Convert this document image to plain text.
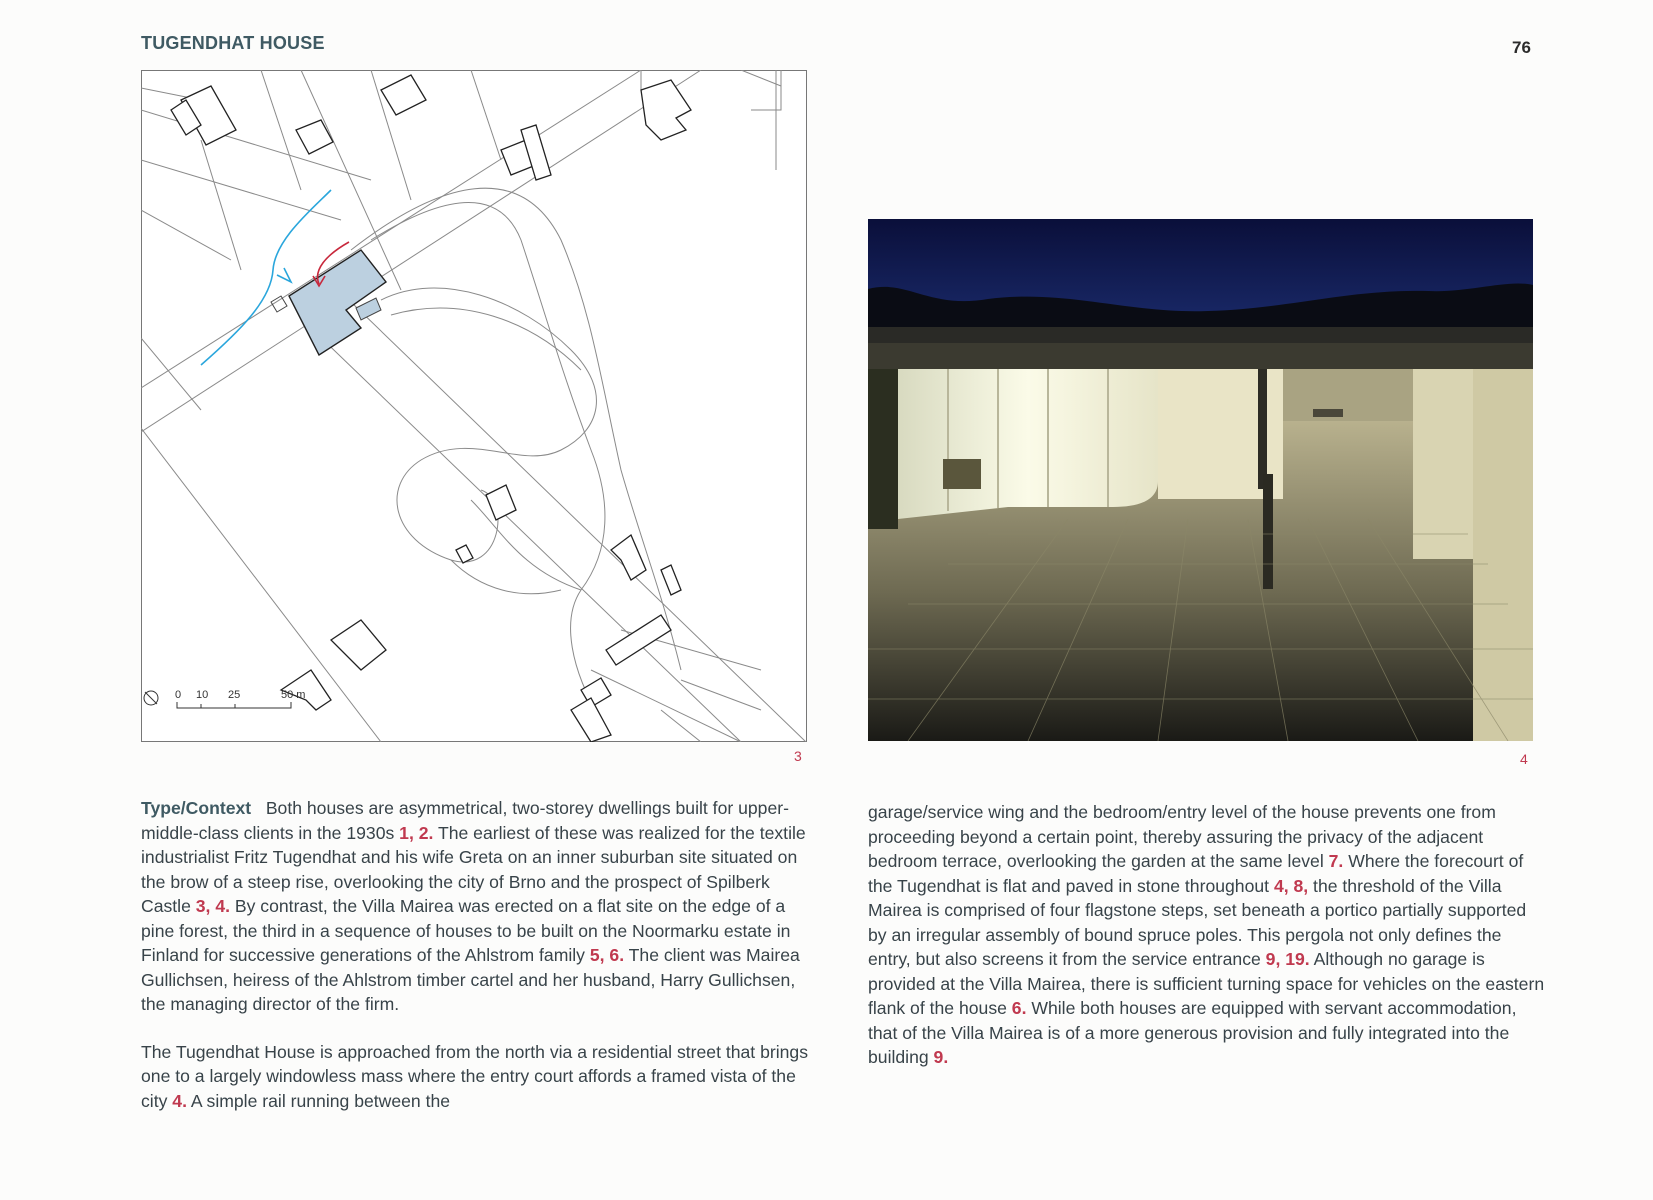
TUGENDHAT HOUSE	76
0 10 25	50 m
3	4

Type/Context Both houses are asymmetrical, two-storey dwellings built for upper-middle-class clients in the 1930s 1, 2. The earliest of these was realized for the textile industrialist Fritz Tugendhat and his wife Greta on an inner suburban site situated on the brow of a steep rise, overlooking the city of Brno and the prospect of Spilberk Castle 3, 4. By contrast, the Villa Mairea was erected on a flat site on the edge of a pine forest, the third in a sequence of houses to be built on the Noormarku estate in Finland for successive generations of the Ahlstrom family 5, 6. The client was Mairea Gullichsen, heiress of the Ahlstrom timber cartel and her husband, Harry Gullichsen, the managing director of the firm.

The Tugendhat House is approached from the north via a residential street that brings one to a largely windowless mass where the entry court affords a framed vista of the city 4. A simple rail running between the

garage/service wing and the bedroom/entry level of the house prevents one from proceeding beyond a certain point, thereby assuring the privacy of the adjacent bedroom terrace, overlooking the garden at the same level 7. Where the forecourt of the Tugendhat is flat and paved in stone throughout 4, 8, the threshold of the Villa Mairea is comprised of four flagstone steps, set beneath a portico partially supported by an irregular assembly of bound spruce poles. This pergola not only defines the entry, but also screens it from the service entrance 9, 19. Although no garage is provided at the Villa Mairea, there is sufficient turning space for vehicles on the eastern flank of the house 6. While both houses are equipped with servant accommodation, that of the Villa Mairea is of a more generous provision and fully integrated into the building 9.
